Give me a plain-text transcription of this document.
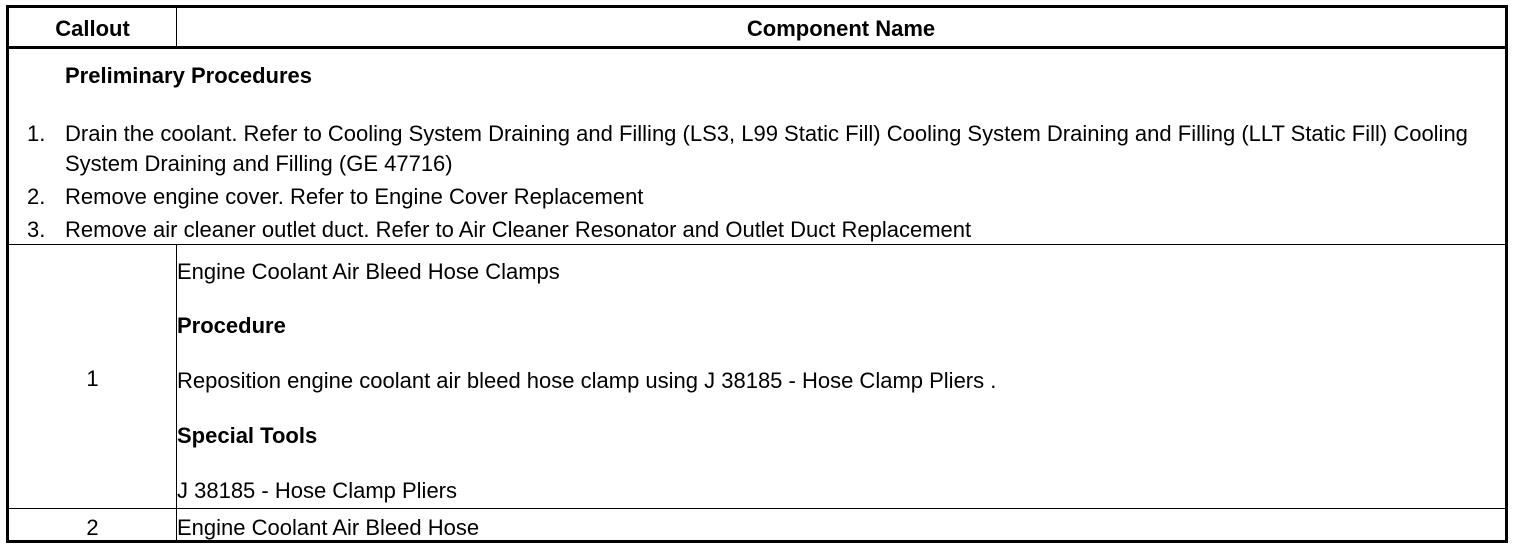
Callout	Component Name
Preliminary Procedures
1. Drain the coolant. Refer to Cooling System Draining and Filling (LS3, L99 Static Fill) Cooling System Draining and Filling (LLT Static Fill) Cooling System Draining and Filling (GE 47716)
2. Remove engine cover. Refer to Engine Cover Replacement
3. Remove air cleaner outlet duct. Refer to Air Cleaner Resonator and Outlet Duct Replacement
1
Engine Coolant Air Bleed Hose Clamps
Procedure
Reposition engine coolant air bleed hose clamp using J 38185 - Hose Clamp Pliers .
Special Tools
J 38185 - Hose Clamp Pliers
2	Engine Coolant Air Bleed Hose
